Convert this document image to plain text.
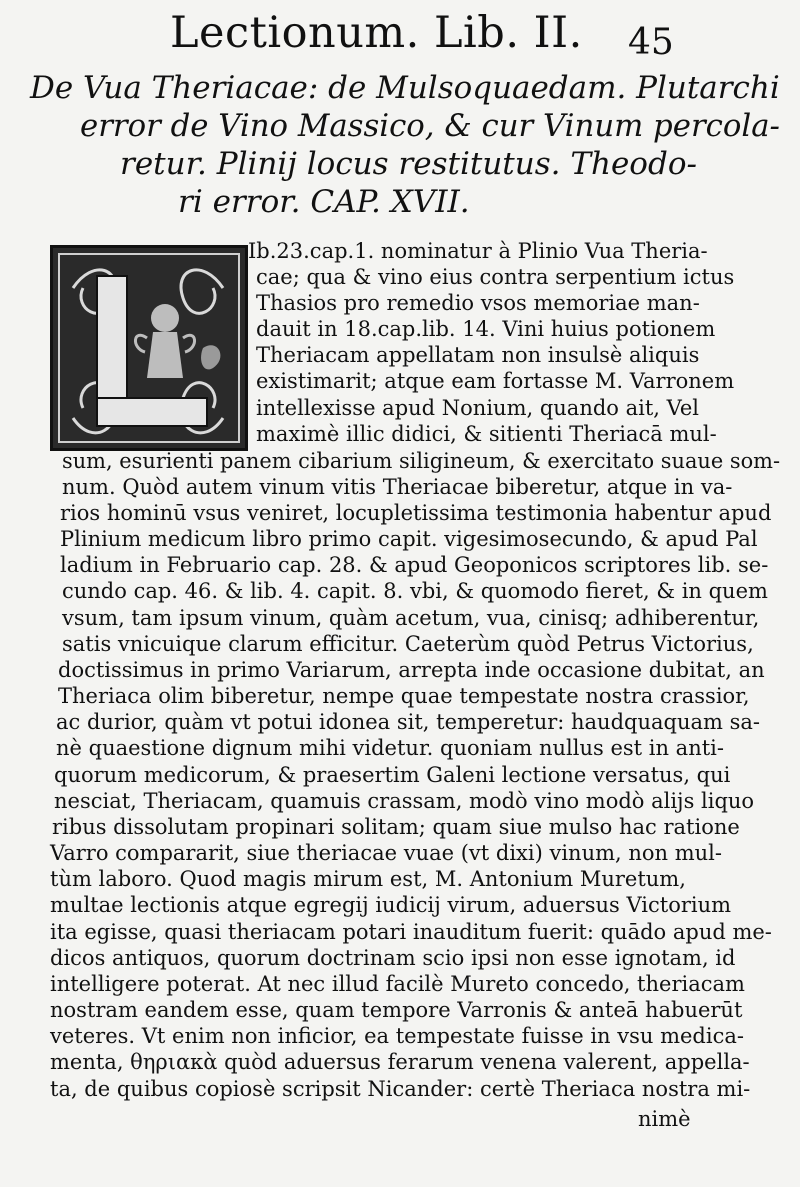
Lectionum. Lib. II. 45
De Vua Theriacae: de Mulsoquaedam. Plutarchi
error de Vino Massico, & cur Vinum percola-
retur. Plinij locus restitutus. Theodo-
ri error. CAP. XVII.
Ib.23.cap.1. nominatur à Plinio Vua Theria-
cae; qua & vino eius contra serpentium ictus
Thasios pro remedio vsos memoriae man-
dauit in 18.cap.lib. 14. Vini huius potionem
Theriacam appellatam non insulsè aliquis
existimarit; atque eam fortasse M. Varronem
intellexisse apud Nonium, quando ait, Vel
maximè illic didici, & sitienti Theriacā mul-
sum, esurienti panem cibarium siligineum, & exercitato suaue som-
num. Quòd autem vinum vitis Theriacae biberetur, atque in va-
rios hominū vsus veniret, locupletissima testimonia habentur apud
Plinium medicum libro primo capit. vigesimosecundo, & apud Pal
ladium in Februario cap. 28. & apud Geoponicos scriptores lib. se-
cundo cap. 46. & lib. 4. capit. 8. vbi, & quomodo fieret, & in quem
vsum, tam ipsum vinum, quàm acetum, vua, cinisq; adhiberentur,
satis vnicuique clarum efficitur. Caeterùm quòd Petrus Victorius,
doctissimus in primo Variarum, arrepta inde occasione dubitat, an
Theriaca olim biberetur, nempe quae tempestate nostra crassior,
ac durior, quàm vt potui idonea sit, temperetur: haudquaquam sa-
nè quaestione dignum mihi videtur. quoniam nullus est in anti-
quorum medicorum, & praesertim Galeni lectione versatus, qui
nesciat, Theriacam, quamuis crassam, modò vino modò alijs liquo
ribus dissolutam propinari solitam; quam siue mulso hac ratione
Varro compararit, siue theriacae vuae (vt dixi) vinum, non mul-
tùm laboro. Quod magis mirum est, M. Antonium Muretum,
multae lectionis atque egregij iudicij virum, aduersus Victorium
ita egisse, quasi theriacam potari inauditum fuerit: quādo apud me-
dicos antiquos, quorum doctrinam scio ipsi non esse ignotam, id
intelligere poterat. At nec illud facilè Mureto concedo, theriacam
nostram eandem esse, quam tempore Varronis & anteā habuerūt
veteres. Vt enim non inficior, ea tempestate fuisse in vsu medica-
menta, θηριακὰ quòd aduersus ferarum venena valerent, appella-
ta, de quibus copiosè scripsit Nicander: certè Theriaca nostra mi-
nimè
